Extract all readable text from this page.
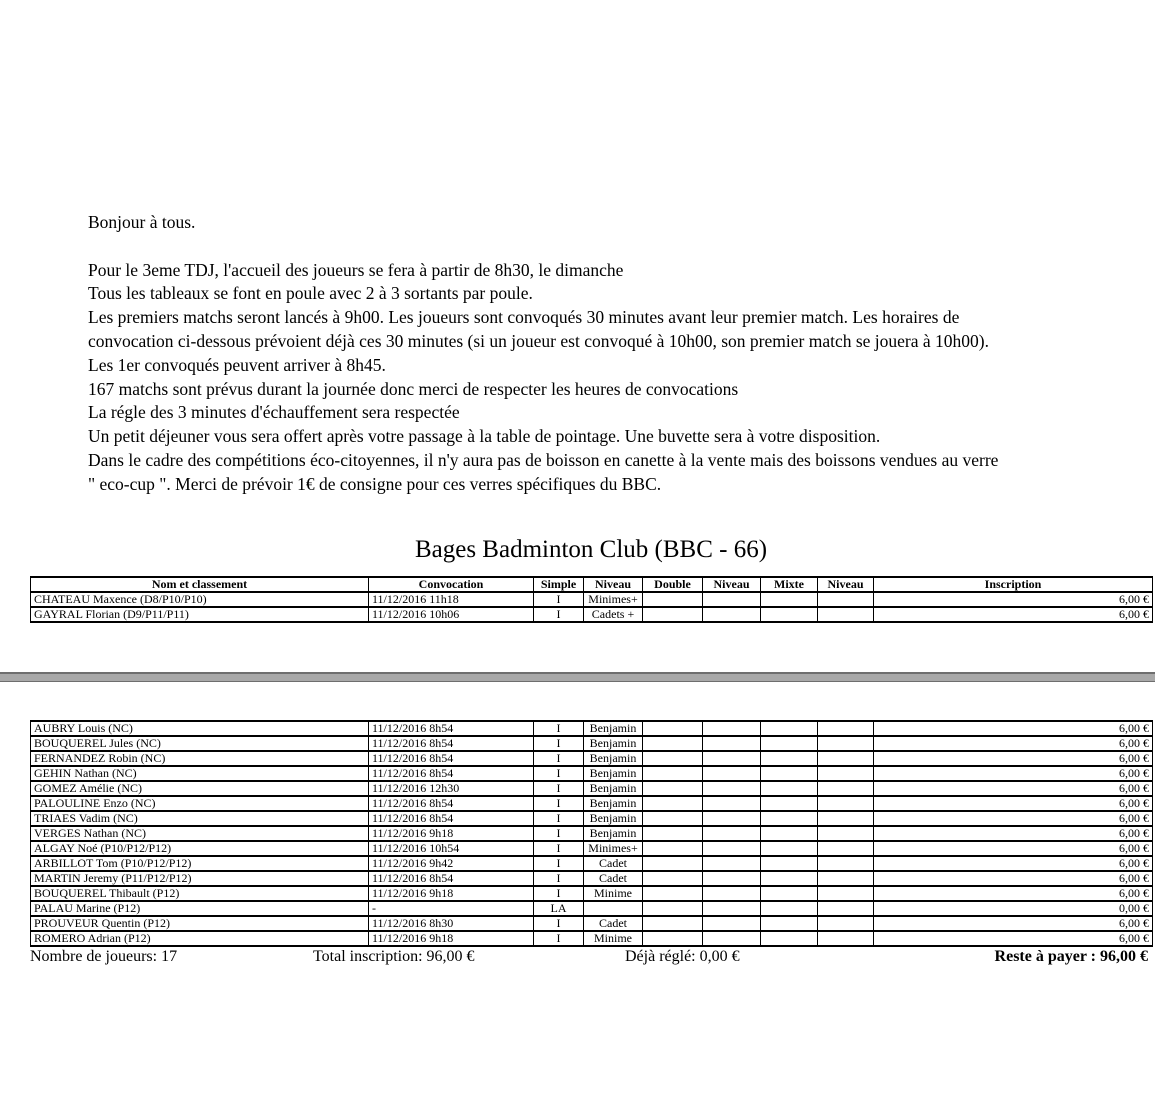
Bonjour à tous.
Pour le 3eme TDJ, l'accueil des joueurs se fera à partir de 8h30, le dimanche
Tous les tableaux se font en poule avec 2 à 3 sortants par poule.
Les premiers matchs seront lancés à 9h00. Les joueurs sont convoqués 30 minutes avant leur premier match. Les horaires de
convocation ci-dessous prévoient déjà ces 30 minutes (si un joueur est convoqué à 10h00, son premier match se jouera à 10h00).
Les 1er convoqués peuvent arriver à 8h45.
167 matchs sont prévus durant la journée donc merci de respecter les heures de convocations
La régle des 3 minutes d'échauffement sera respectée
Un petit déjeuner vous sera offert après votre passage à la table de pointage. Une buvette sera à votre disposition.
Dans le cadre des compétitions éco-citoyennes, il n'y aura pas de boisson en canette à la vente mais des boissons vendues au verre
" eco-cup ". Merci de prévoir 1€ de consigne pour ces verres spécifiques du BBC.
Bages Badminton Club (BBC - 66)
Nom et classement	Convocation	Simple	Niveau	Double	Niveau	Mixte	Niveau	Inscription
CHATEAU Maxence (D8/P10/P10)	11/12/2016 11h18	I	Minimes+					6,00 €
GAYRAL Florian (D9/P11/P11)	11/12/2016 10h06	I	Cadets +					6,00 €
AUBRY Louis (NC)	11/12/2016 8h54	I	Benjamin					6,00 €
BOUQUEREL Jules (NC)	11/12/2016 8h54	I	Benjamin					6,00 €
FERNANDEZ Robin (NC)	11/12/2016 8h54	I	Benjamin					6,00 €
GEHIN Nathan (NC)	11/12/2016 8h54	I	Benjamin					6,00 €
GOMEZ Amélie (NC)	11/12/2016 12h30	I	Benjamin					6,00 €
PALOULINE Enzo (NC)	11/12/2016 8h54	I	Benjamin					6,00 €
TRIAES Vadim (NC)	11/12/2016 8h54	I	Benjamin					6,00 €
VERGES Nathan (NC)	11/12/2016 9h18	I	Benjamin					6,00 €
ALGAY Noé (P10/P12/P12)	11/12/2016 10h54	I	Minimes+					6,00 €
ARBILLOT Tom (P10/P12/P12)	11/12/2016 9h42	I	Cadet					6,00 €
MARTIN Jeremy (P11/P12/P12)	11/12/2016 8h54	I	Cadet					6,00 €
BOUQUEREL Thibault (P12)	11/12/2016 9h18	I	Minime					6,00 €
PALAU Marine (P12)	-	LA						0,00 €
PROUVEUR Quentin (P12)	11/12/2016 8h30	I	Cadet					6,00 €
ROMERO Adrian (P12)	11/12/2016 9h18	I	Minime					6,00 €
Nombre de joueurs: 17	Total inscription: 96,00 €	Déjà réglé: 0,00 €	Reste à payer : 96,00 €
